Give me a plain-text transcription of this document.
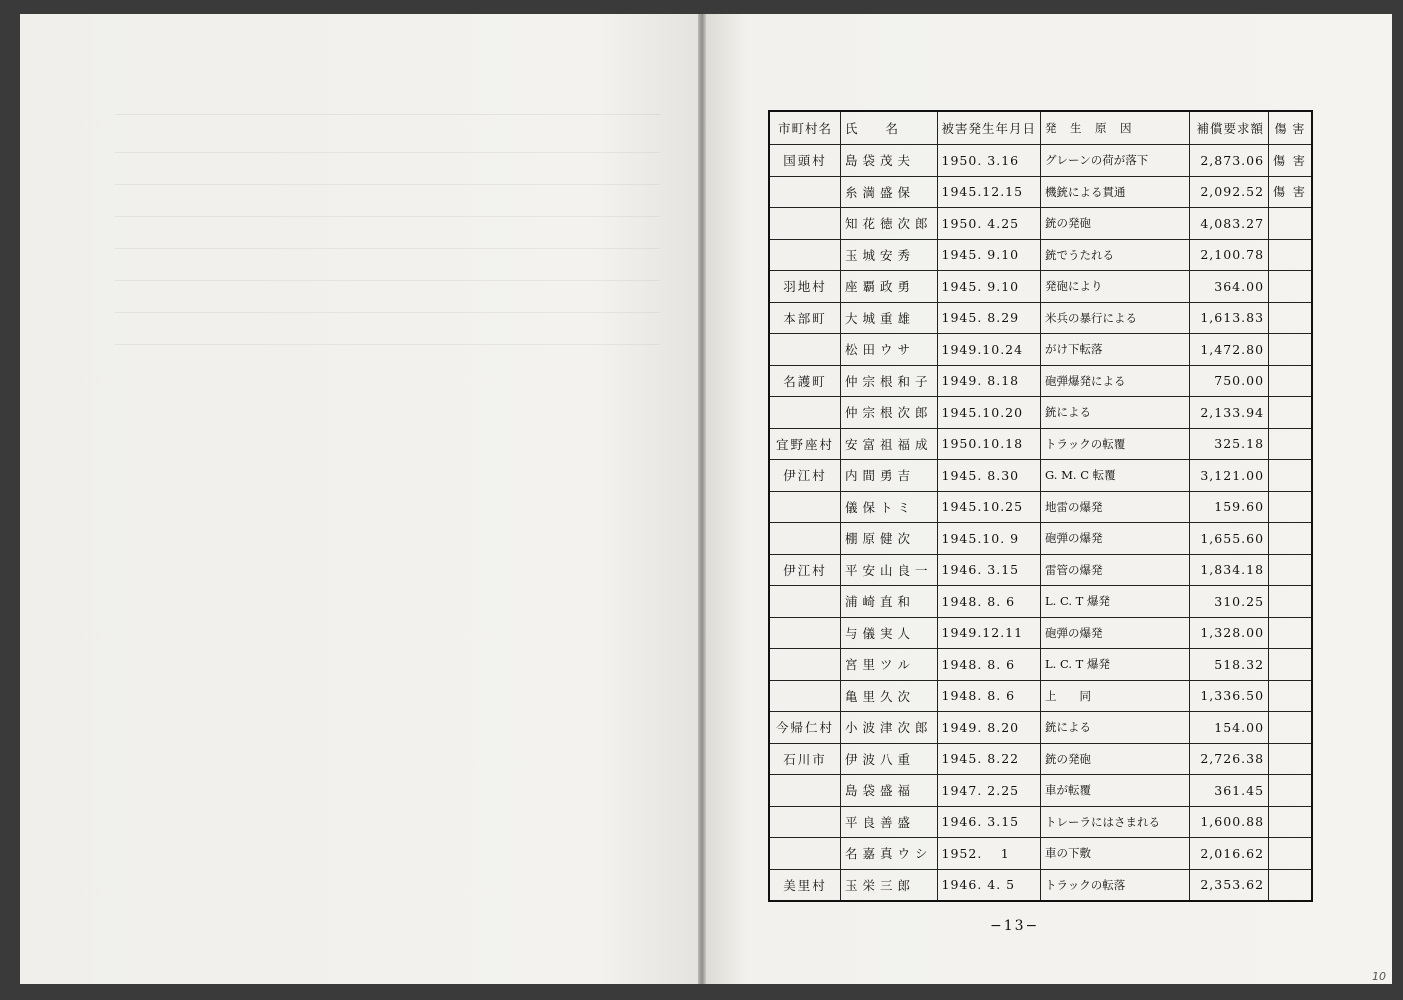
市町村名	氏　　名	被害発生年月日	発　生　原　因	補償要求額	傷 害
国頭村	島袋茂夫	1950. 3.16	グレーンの荷が落下	2,873.06	傷 害
	糸満盛保	1945.12.15	機銃による貫通	2,092.52	傷 害
	知花徳次郎	1950. 4.25	銃の発砲	4,083.27	
	玉城安秀	1945. 9.10	銃でうたれる	2,100.78	
羽地村	座覇政勇	1945. 9.10	発砲により	364.00	
本部町	大城重雄	1945. 8.29	米兵の暴行による	1,613.83	
	松田ウサ	1949.10.24	がけ下転落	1,472.80	
名護町	仲宗根和子	1949. 8.18	砲弾爆発による	750.00	
	仲宗根次郎	1945.10.20	銃による	2,133.94	
宜野座村	安富祖福成	1950.10.18	トラックの転覆	325.18	
伊江村	内間勇吉	1945. 8.30	G. M. C 転覆	3,121.00	
	儀保トミ	1945.10.25	地雷の爆発	159.60	
	棚原健次	1945.10. 9	砲弾の爆発	1,655.60	
伊江村	平安山良一	1946. 3.15	雷管の爆発	1,834.18	
	浦崎直和	1948. 8. 6	L. C. T 爆発	310.25	
	与儀実人	1949.12.11	砲弾の爆発	1,328.00	
	宮里ツル	1948. 8. 6	L. C. T 爆発	518.32	
	亀里久次	1948. 8. 6	上　　同	1,336.50	
今帰仁村	小波津次郎	1949. 8.20	銃による	154.00	
石川市	伊波八重	1945. 8.22	銃の発砲	2,726.38	
	島袋盛福	1947. 2.25	車が転覆	361.45	
	平良善盛	1946. 3.15	トレーラにはさまれる	1,600.88	
	名嘉真ウシ	1952.　 1	車の下敷	2,016.62	
美里村	玉栄三郎	1946. 4. 5	トラックの転落	2,353.62	
−13−
10
